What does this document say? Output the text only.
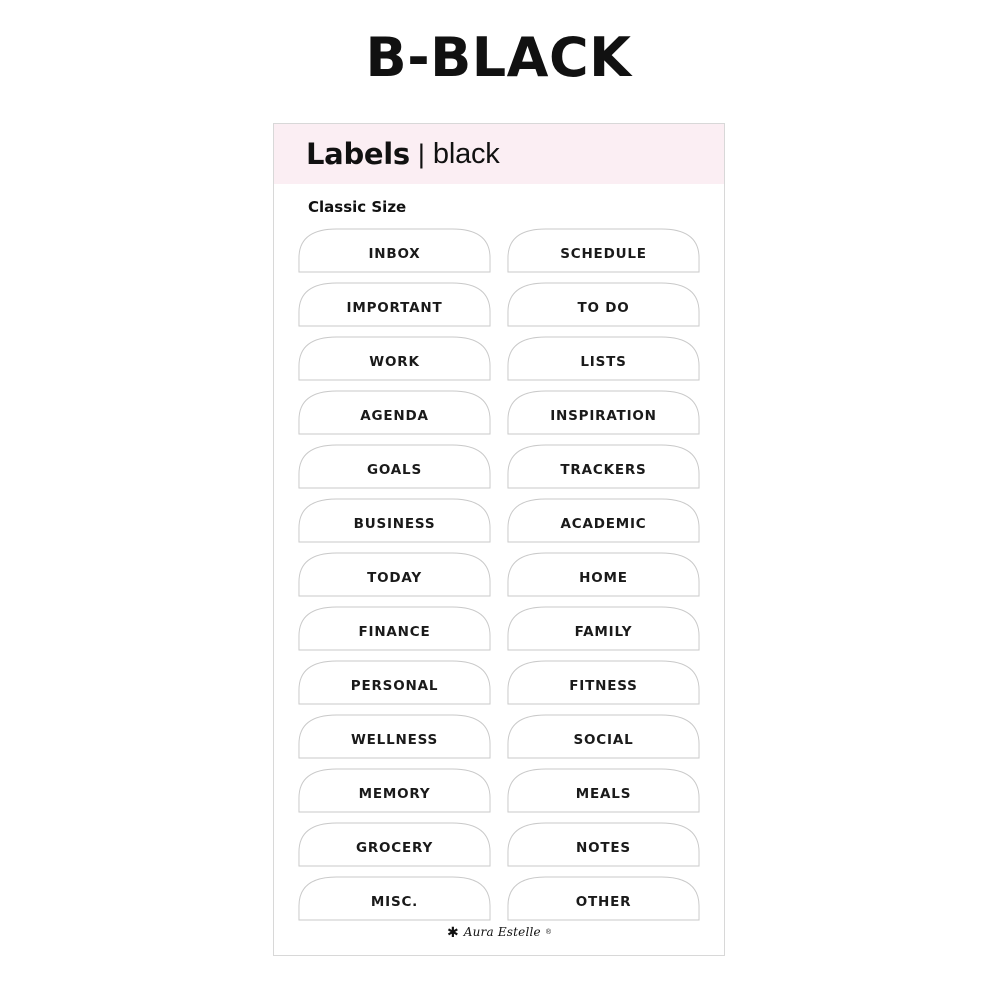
B-BLACK
Labels | black
Classic Size
INBOX	SCHEDULE
IMPORTANT	TO DO
WORK	LISTS
AGENDA	INSPIRATION
GOALS	TRACKERS
BUSINESS	ACADEMIC
TODAY	HOME
FINANCE	FAMILY
PERSONAL	FITNESS
WELLNESS	SOCIAL
MEMORY	MEALS
GROCERY	NOTES
MISC.	OTHER
✱ Aura Estelle ®
